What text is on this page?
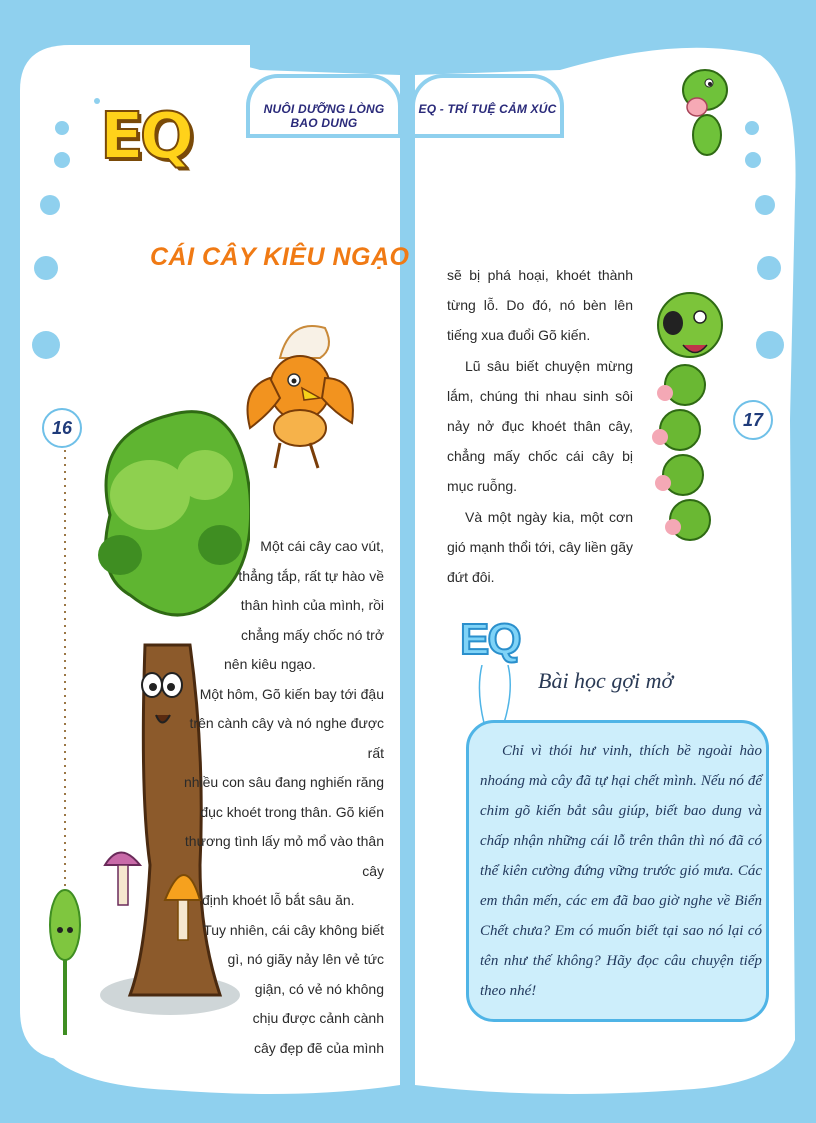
NUÔI DƯỠNG LÒNG BAO DUNG
EQ - TRÍ TUỆ CẢM XÚC
EQ
16	17
CÁI CÂY KIÊU NGẠO
Một cái cây cao vút,
thẳng tắp, rất tự hào về
thân hình của mình, rồi
chẳng mấy chốc nó trở
nên kiêu ngạo.
Một hôm, Gõ kiến bay tới đậu
trên cành cây và nó nghe được rất
nhiều con sâu đang nghiến răng
đục khoét trong thân. Gõ kiến
thương tình lấy mỏ mổ vào thân cây
định khoét lỗ bắt sâu ăn.
Tuy nhiên, cái cây không biết
gì, nó giãy nảy lên vẻ tức
giận, có vẻ nó không
chịu được cảnh cành
cây đẹp đẽ của mình

sẽ bị phá hoại, khoét thành từng lỗ. Do đó, nó bèn lên tiếng xua đuổi Gõ kiến.

Lũ sâu biết chuyện mừng lắm, chúng thi nhau sinh sôi nảy nở đục khoét thân cây, chẳng mấy chốc cái cây bị mục ruỗng.

Và một ngày kia, một cơn gió mạnh thổi tới, cây liền gãy đứt đôi.

EQ
Bài học gợi mở

Chỉ vì thói hư vinh, thích bề ngoài hào nhoáng mà cây đã tự hại chết mình. Nếu nó để chim gõ kiến bắt sâu giúp, biết bao dung và chấp nhận những cái lỗ trên thân thì nó đã có thể kiên cường đứng vững trước gió mưa. Các em thân mến, các em đã bao giờ nghe về Biển Chết chưa? Em có muốn biết tại sao nó lại có tên như thế không? Hãy đọc câu chuyện tiếp theo nhé!
